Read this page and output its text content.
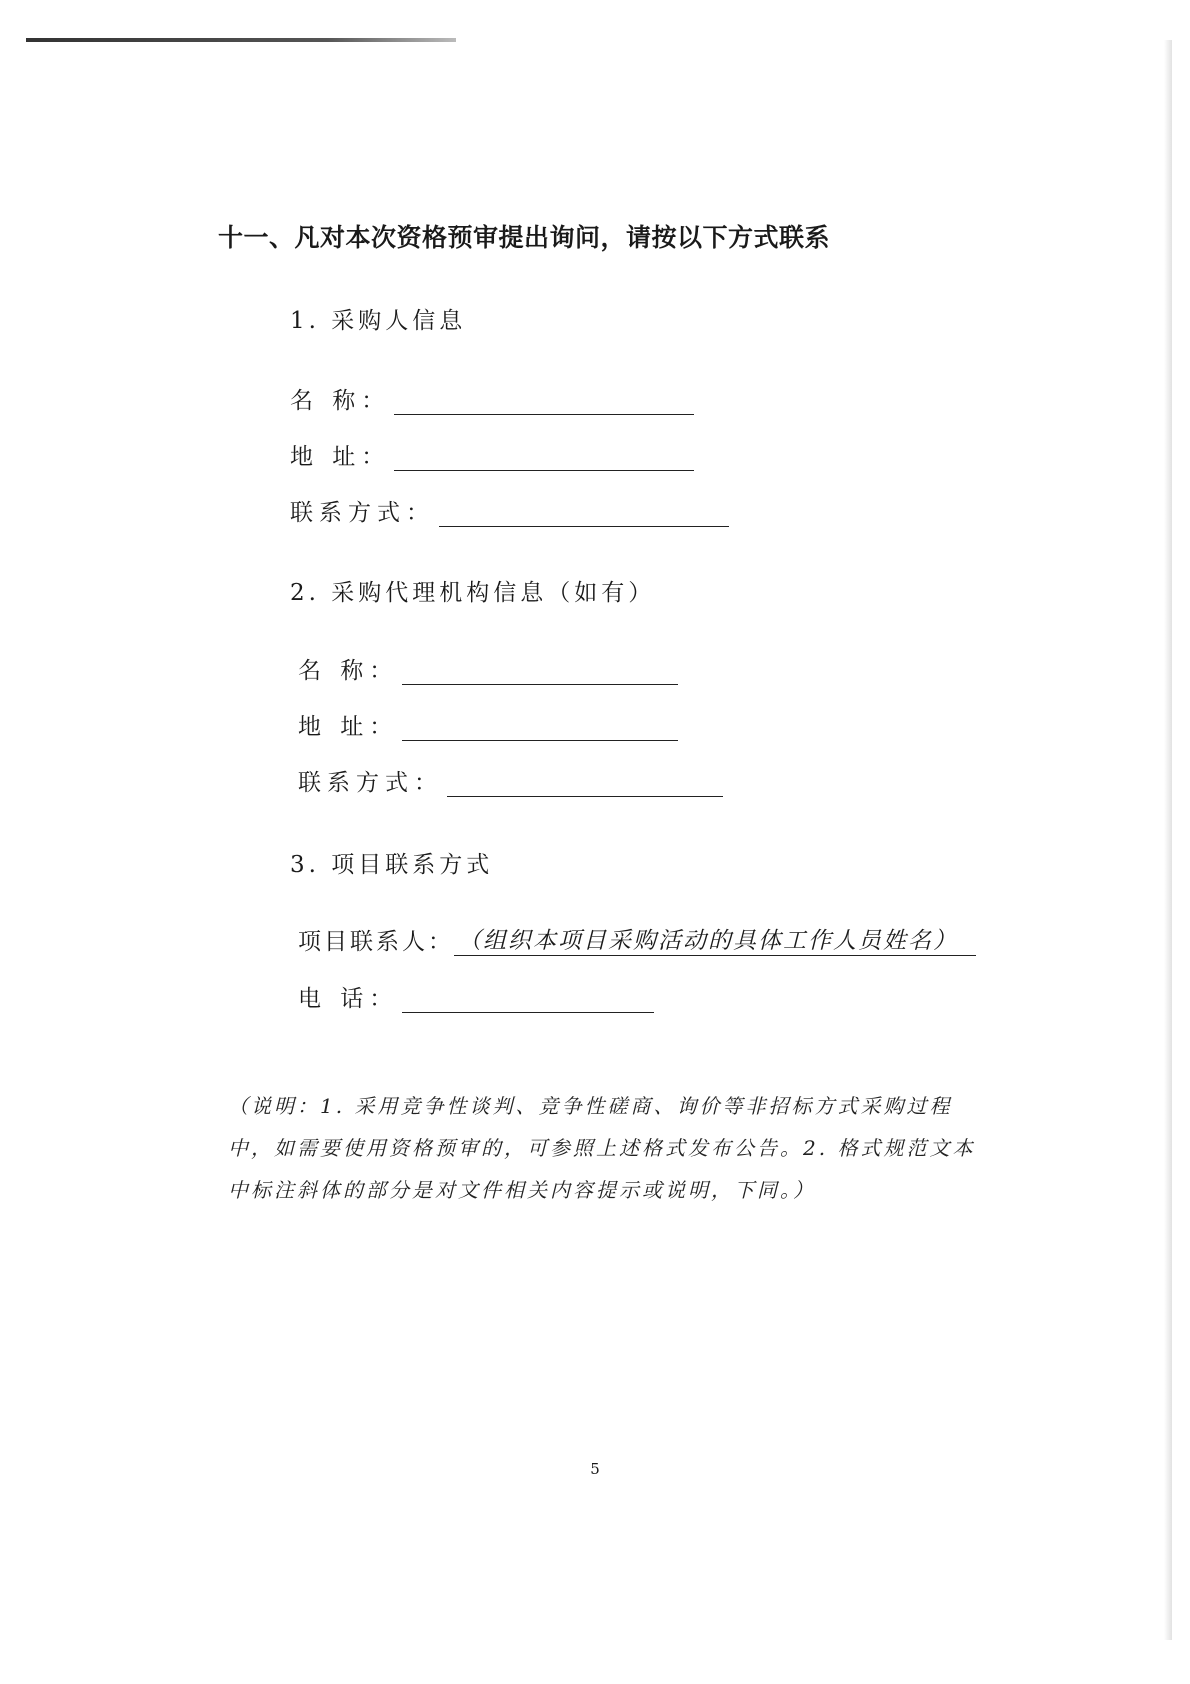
十一、凡对本次资格预审提出询问，请按以下方式联系
1. 采购人信息
名 称：
地 址：
联系方式：
2. 采购代理机构信息（如有）
名 称：
地 址：
联系方式：
3. 项目联系方式
项目联系人： （组织本项目采购活动的具体工作人员姓名）
电 话：
（说明：1. 采用竞争性谈判、竞争性磋商、询价等非招标方式采购过程中，如需要使用资格预审的，可参照上述格式发布公告。2. 格式规范文本中标注斜体的部分是对文件相关内容提示或说明，下同。）
5
